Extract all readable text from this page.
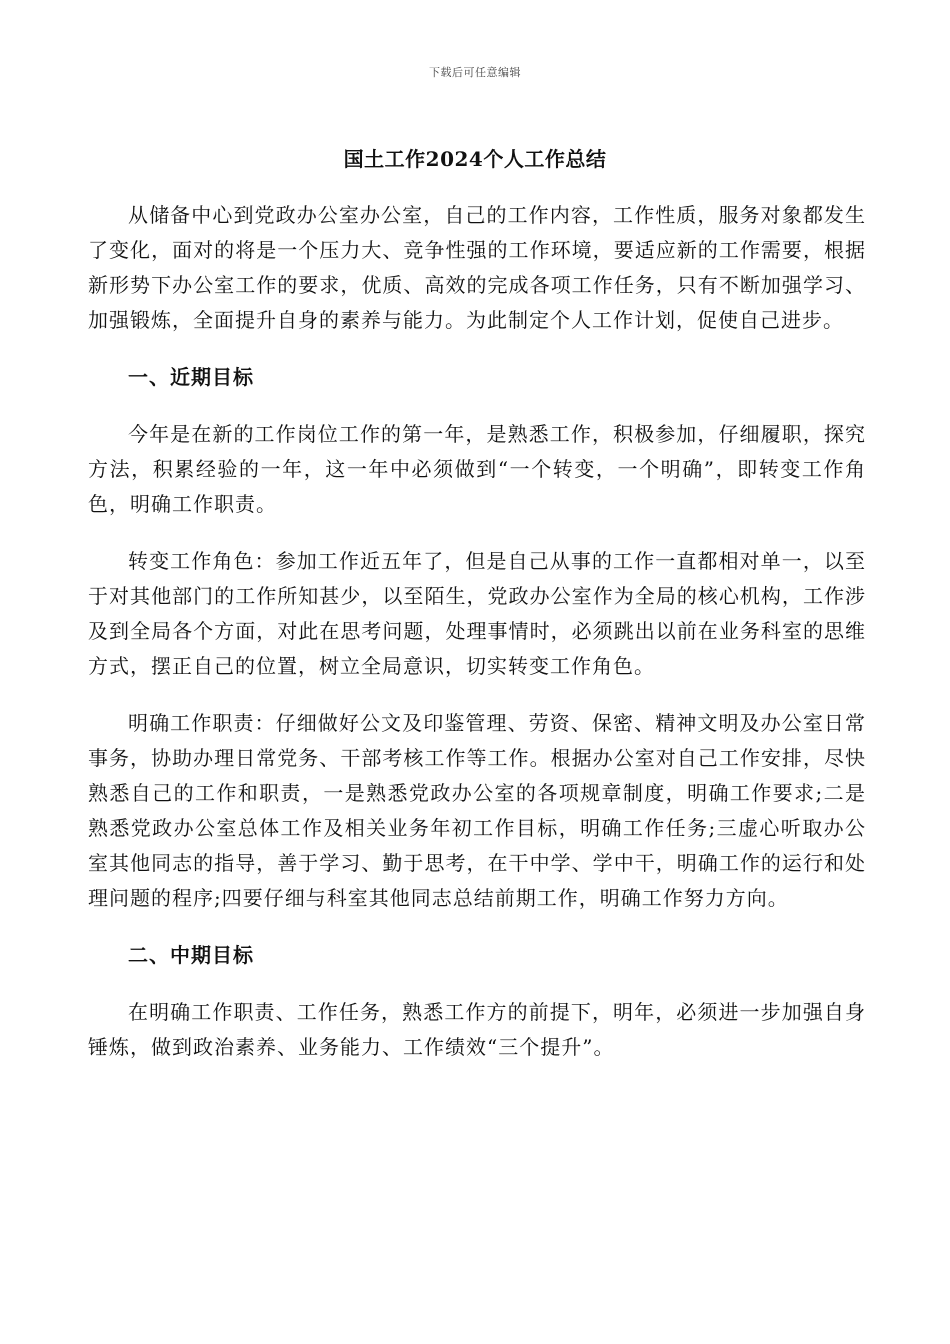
下载后可任意编辑
国土工作2024个人工作总结

从储备中心到党政办公室办公室，自己的工作内容，工作性质，服务对象都发生了变化，面对的将是一个压力大、竞争性强的工作环境，要适应新的工作需要，根据新形势下办公室工作的要求，优质、高效的完成各项工作任务，只有不断加强学习、加强锻炼，全面提升自身的素养与能力。为此制定个人工作计划，促使自己进步。

一、近期目标

今年是在新的工作岗位工作的第一年，是熟悉工作，积极参加，仔细履职，探究方法，积累经验的一年，这一年中必须做到“一个转变，一个明确”，即转变工作角色，明确工作职责。

转变工作角色：参加工作近五年了，但是自己从事的工作一直都相对单一，以至于对其他部门的工作所知甚少，以至陌生，党政办公室作为全局的核心机构，工作涉及到全局各个方面，对此在思考问题，处理事情时，必须跳出以前在业务科室的思维方式，摆正自己的位置，树立全局意识，切实转变工作角色。

明确工作职责：仔细做好公文及印鉴管理、劳资、保密、精神文明及办公室日常事务，协助办理日常党务、干部考核工作等工作。根据办公室对自己工作安排，尽快熟悉自己的工作和职责，一是熟悉党政办公室的各项规章制度，明确工作要求;二是熟悉党政办公室总体工作及相关业务年初工作目标，明确工作任务;三虚心听取办公室其他同志的指导，善于学习、勤于思考，在干中学、学中干，明确工作的运行和处理问题的程序;四要仔细与科室其他同志总结前期工作，明确工作努力方向。

二、中期目标

在明确工作职责、工作任务，熟悉工作方的前提下，明年，必须进一步加强自身锤炼，做到政治素养、业务能力、工作绩效“三个提升”。
